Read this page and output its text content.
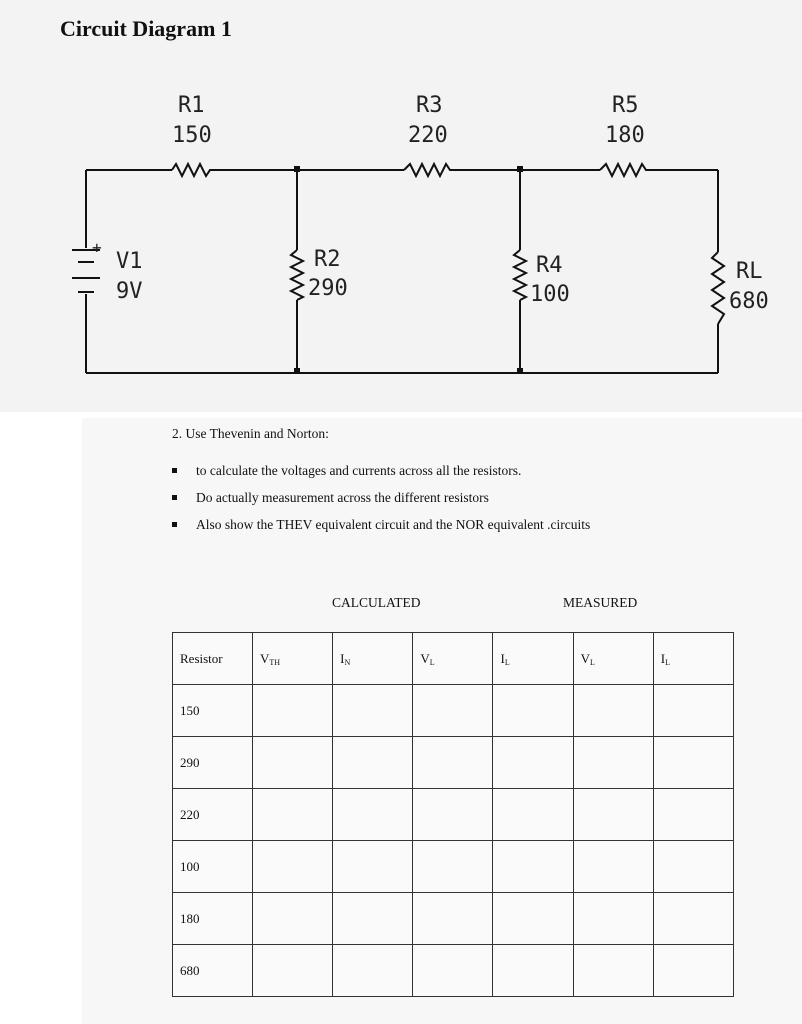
Circuit Diagram 1
+
V1
9V
R1
150
R3
220
R5
180
R2
290
R4
100
RL
680
2. Use Thevenin and Norton:
to calculate the voltages and currents across all the resistors.
Do actually measurement across the different resistors
Also show the THEV equivalent circuit and the NOR equivalent .circuits
CALCULATED	MEASURED
Resistor	$V_{TH}$	$I_N$	$V_L$	$I_L$	$V_L$	$I_L$
150						
290						
220						
100						
180						
680						
